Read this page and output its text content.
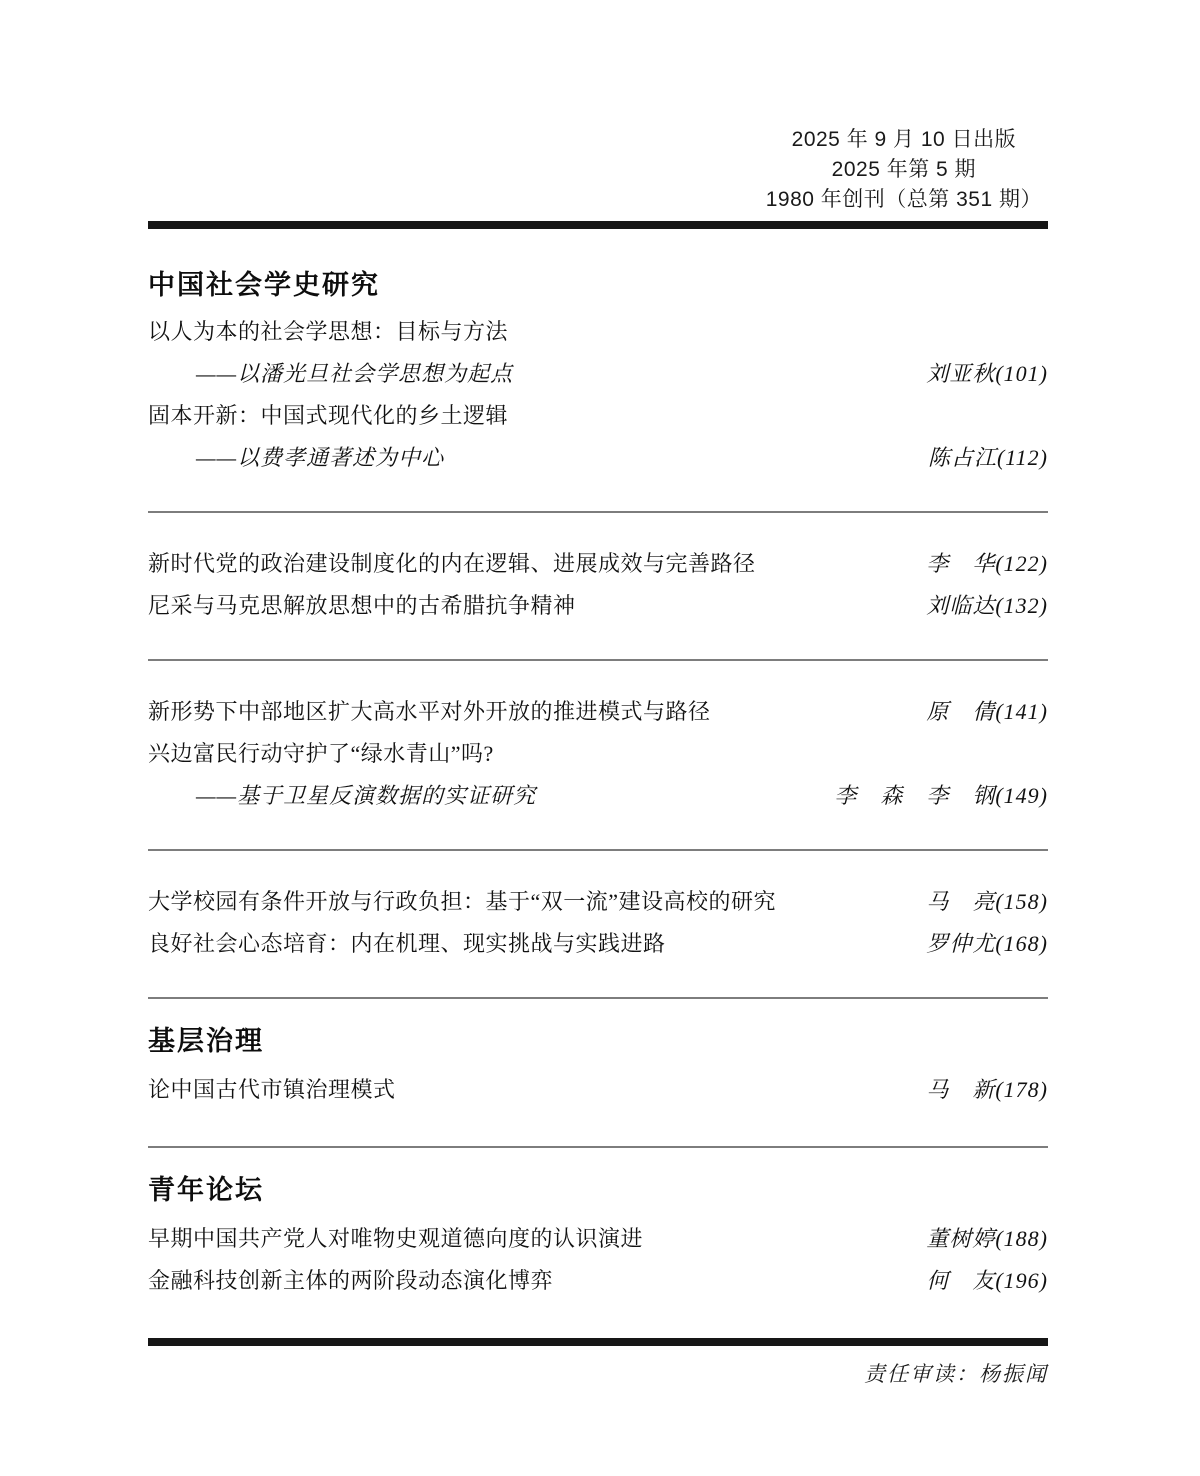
2025 年 9 月 10 日出版
2025 年第 5 期
1980 年创刊（总第 351 期）
中国社会学史研究
以人为本的社会学思想：目标与方法
——以潘光旦社会学思想为起点	刘亚秋(101)
固本开新：中国式现代化的乡土逻辑
——以费孝通著述为中心	陈占江(112)
新时代党的政治建设制度化的内在逻辑、进展成效与完善路径	李　华(122)
尼采与马克思解放思想中的古希腊抗争精神	刘临达(132)
新形势下中部地区扩大高水平对外开放的推进模式与路径	原　倩(141)
兴边富民行动守护了“绿水青山”吗?
——基于卫星反演数据的实证研究	李　森　李　钢(149)
大学校园有条件开放与行政负担：基于“双一流”建设高校的研究	马　亮(158)
良好社会心态培育：内在机理、现实挑战与实践进路	罗仲尤(168)
基层治理
论中国古代市镇治理模式	马　新(178)
青年论坛
早期中国共产党人对唯物史观道德向度的认识演进	董树婷(188)
金融科技创新主体的两阶段动态演化博弈	何　友(196)
责任审读：杨振闻
